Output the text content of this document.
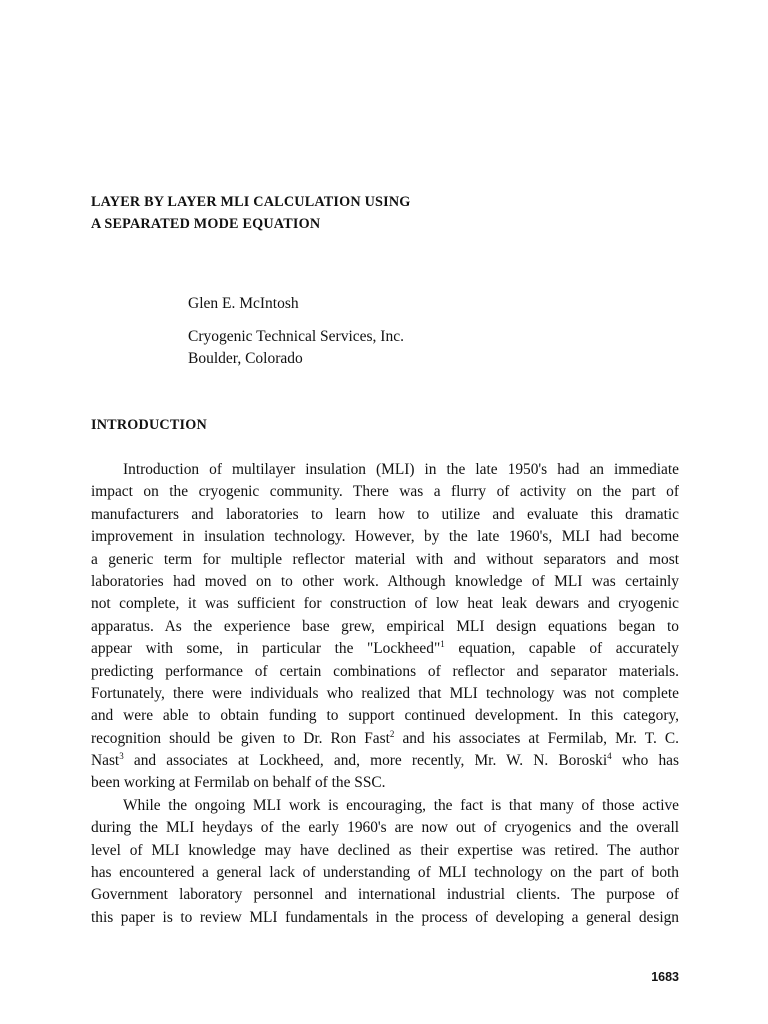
LAYER BY LAYER MLI CALCULATION USING
A SEPARATED MODE EQUATION
Glen E. McIntosh
Cryogenic Technical Services, Inc.
Boulder, Colorado
INTRODUCTION
Introduction of multilayer insulation (MLI) in the late 1950's had an immediate
impact on the cryogenic community. There was a flurry of activity on the part of
manufacturers and laboratories to learn how to utilize and evaluate this dramatic
improvement in insulation technology. However, by the late 1960's, MLI had become
a generic term for multiple reflector material with and without separators and most
laboratories had moved on to other work. Although knowledge of MLI was certainly
not complete, it was sufficient for construction of low heat leak dewars and cryogenic
apparatus. As the experience base grew, empirical MLI design equations began to
appear with some, in particular the "Lockheed"$^1$ equation, capable of accurately
predicting performance of certain combinations of reflector and separator materials.
Fortunately, there were individuals who realized that MLI technology was not complete
and were able to obtain funding to support continued development. In this category,
recognition should be given to Dr. Ron Fast$^2$ and his associates at Fermilab, Mr. T. C.
Nast$^3$ and associates at Lockheed, and, more recently, Mr. W. N. Boroski$^4$ who has
been working at Fermilab on behalf of the SSC.
While the ongoing MLI work is encouraging, the fact is that many of those active
during the MLI heydays of the early 1960's are now out of cryogenics and the overall
level of MLI knowledge may have declined as their expertise was retired. The author
has encountered a general lack of understanding of MLI technology on the part of both
Government laboratory personnel and international industrial clients. The purpose of
this paper is to review MLI fundamentals in the process of developing a general design
1683
